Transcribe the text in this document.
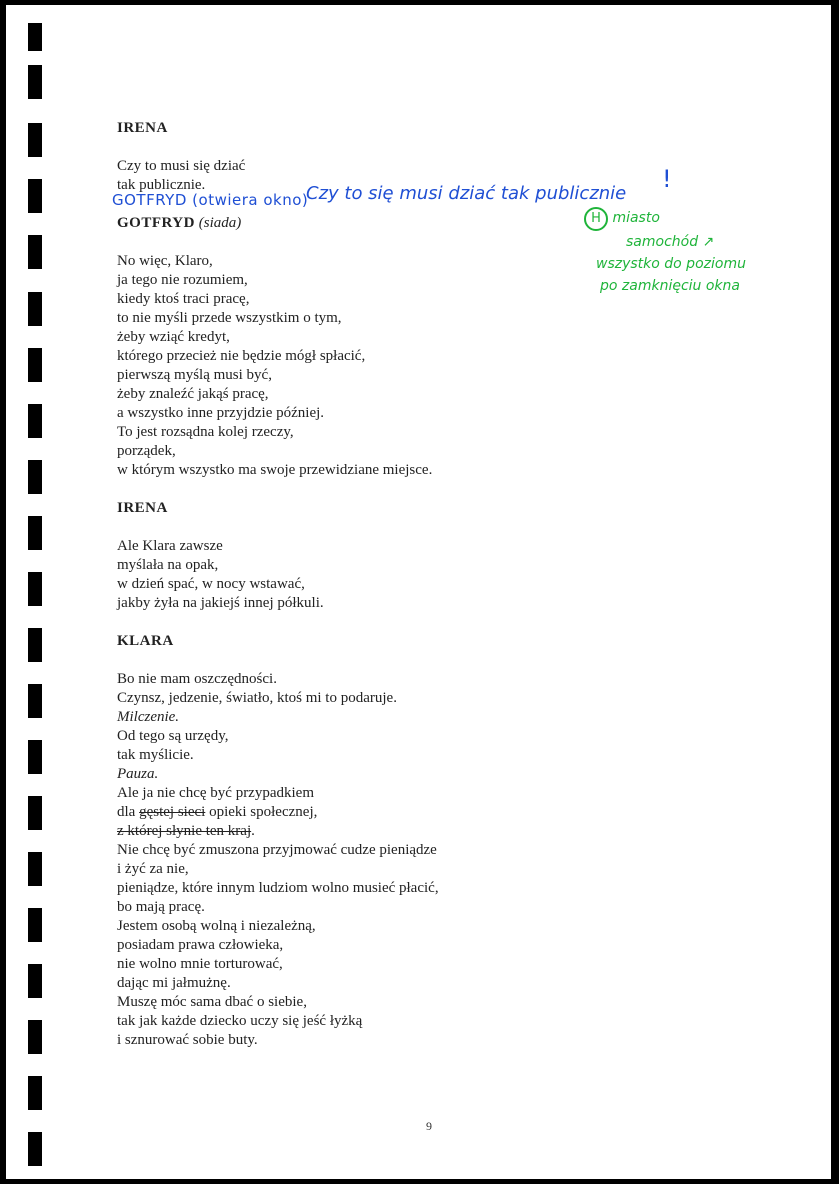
GOTFRYD (otwiera okno)
Czy to się musi dziać tak publicznie
!
H miasto
samochód ↗
wszystko do poziomu
po zamknięciu okna

IRENA

Czy to musi się dziać

tak publicznie.

GOTFRYD (siada)

No więc, Klaro,

ja tego nie rozumiem,

kiedy ktoś traci pracę,

to nie myśli przede wszystkim o tym,

żeby wziąć kredyt,

którego przecież nie będzie mógł spłacić,

pierwszą myślą musi być,

żeby znaleźć jakąś pracę,

a wszystko inne przyjdzie później.

To jest rozsądna kolej rzeczy,

porządek,

w którym wszystko ma swoje przewidziane miejsce.

IRENA

Ale Klara zawsze

myślała na opak,

w dzień spać, w nocy wstawać,

jakby żyła na jakiejś innej półkuli.

KLARA

Bo nie mam oszczędności.

Czynsz, jedzenie, światło, ktoś mi to podaruje.

Milczenie.

Od tego są urzędy,

tak myślicie.

Pauza.

Ale ja nie chcę być przypadkiem

dla gęstej sieci opieki społecznej,

z której słynie ten kraj.

Nie chcę być zmuszona przyjmować cudze pieniądze

i żyć za nie,

pieniądze, które innym ludziom wolno musieć płacić,

bo mają pracę.

Jestem osobą wolną i niezależną,

posiadam prawa człowieka,

nie wolno mnie torturować,

dając mi jałmużnę.

Muszę móc sama dbać o siebie,

tak jak każde dziecko uczy się jeść łyżką

i sznurować sobie buty.

9
